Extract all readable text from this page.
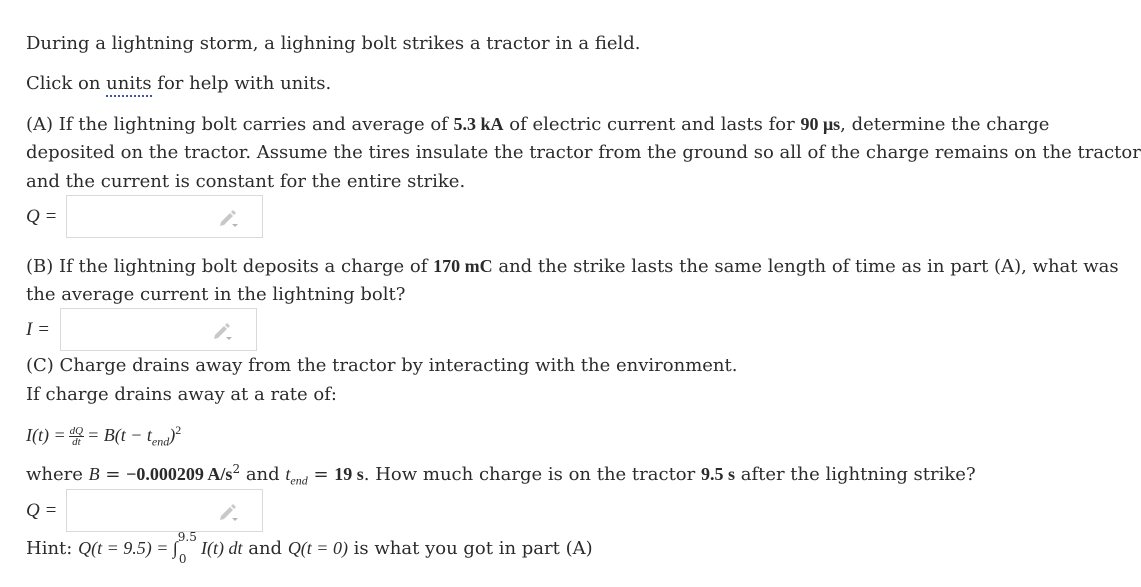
During a lightning storm, a lighning bolt strikes a tractor in a field.
Click on units for help with units.
(A) If the lightning bolt carries and average of 5.3 kA of electric current and lasts for 90 μs, determine the charge
deposited on the tractor. Assume the tires insulate the tractor from the ground so all of the charge remains on the tractor
and the current is constant for the entire strike.
Q =
(B) If the lightning bolt deposits a charge of 170 mC and the strike lasts the same length of time as in part (A), what was
the average current in the lightning bolt?
I =
(C) Charge drains away from the tractor by interacting with the environment.
If charge drains away at a rate of:
$I(t) = \frac{dQ}{dt} = B(t - t_{end})^2$
where B = −0.000209 $A/s^2$ and $t_{end} = 19$ s. How much charge is on the tractor 9.5 s after the lightning strike?
Q =
Hint: Q(t = 9.5) = ∫$^{9.5}_0$ I(t) dt and Q(t = 0) is what you got in part (A)
